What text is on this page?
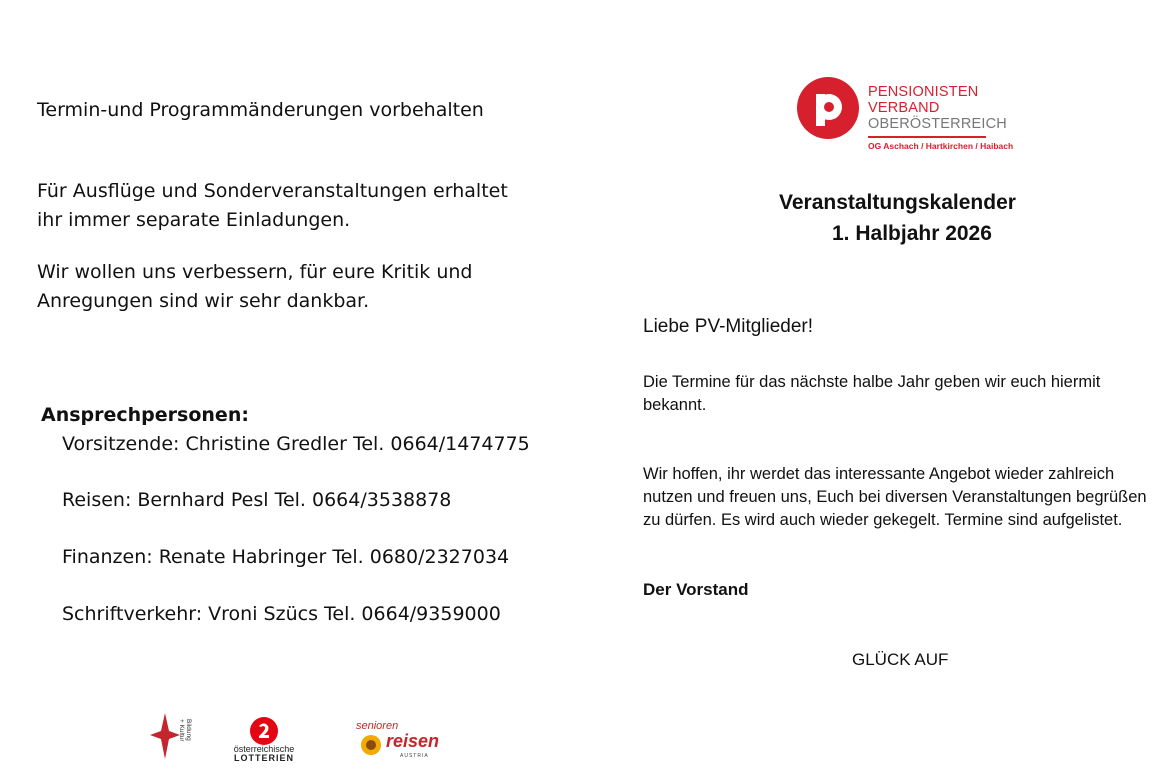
Termin-und Programmänderungen vorbehalten
Für Ausflüge und Sonderveranstaltungen erhaltet
ihr immer separate Einladungen.
Wir wollen uns verbessern, für eure Kritik und
Anregungen sind wir sehr dankbar.
Ansprechpersonen:
Vorsitzende: Christine Gredler Tel. 0664/1474775
Reisen: Bernhard Pesl Tel. 0664/3538878
Finanzen: Renate Habringer Tel. 0680/2327034
Schriftverkehr: Vroni Szücs Tel. 0664/9359000
Bildung
+ Kultur
österreichische
LOTTERIEN
senioren
reisen
AUSTRIA
PENSIONISTEN
VERBAND
OBERÖSTERREICH
OG Aschach / Hartkirchen / Haibach
Veranstaltungskalender
1. Halbjahr 2026
Liebe PV-Mitglieder!
Die Termine für das nächste halbe Jahr geben wir euch hiermit
bekannt.
Wir hoffen, ihr werdet das interessante Angebot wieder zahlreich
nutzen und freuen uns, Euch bei diversen Veranstaltungen begrüßen
zu dürfen. Es wird auch wieder gekegelt. Termine sind aufgelistet.
Der Vorstand
GLÜCK AUF
